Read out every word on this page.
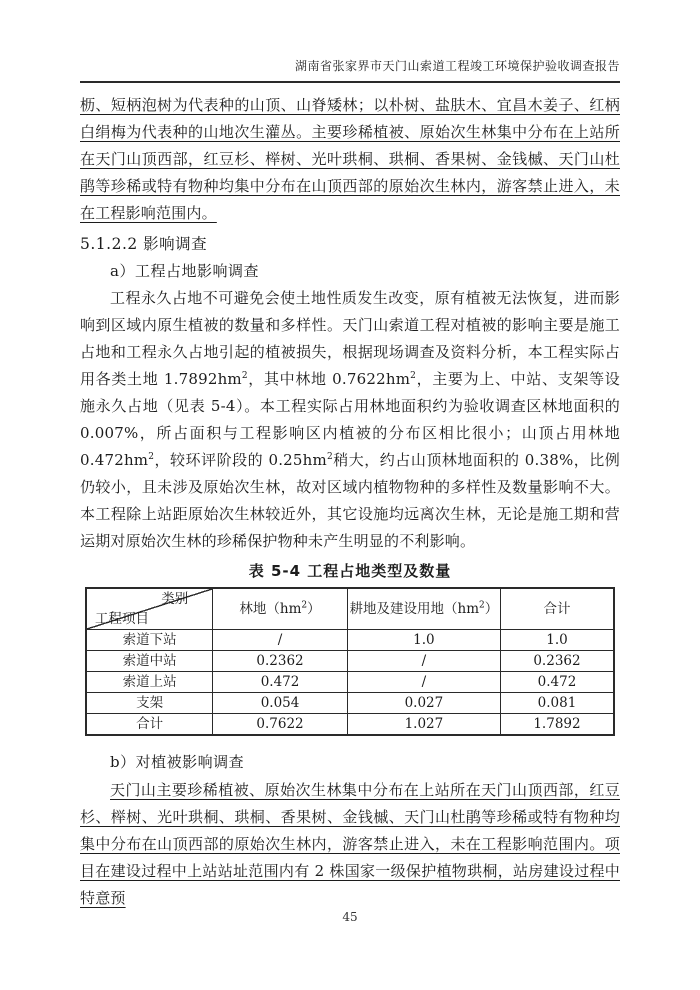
湖南省张家界市天门山索道工程竣工环境保护验收调查报告

枥、短柄泡树为代表种的山顶、山脊矮林；以朴树、盐肤木、宜昌木姜子、红柄白绢梅为代表种的山地次生灌丛。主要珍稀植被、原始次生林集中分布在上站所在天门山顶西部，红豆杉、榉树、光叶珙桐、珙桐、香果树、金钱槭、天门山杜鹃等珍稀或特有物种均集中分布在山顶西部的原始次生林内，游客禁止进入，未在工程影响范围内。

5.1.2.2 影响调查

a）工程占地影响调查

工程永久占地不可避免会使土地性质发生改变，原有植被无法恢复，进而影响到区域内原生植被的数量和多样性。天门山索道工程对植被的影响主要是施工占地和工程永久占地引起的植被损失，根据现场调查及资料分析，本工程实际占用各类土地 $1.7892hm^2$，其中林地 $0.7622hm^2$，主要为上、中站、支架等设施永久占地（见表 5-4）。本工程实际占用林地面积约为验收调查区林地面积的 0.007%，所占面积与工程影响区内植被的分布区相比很小；山顶占用林地 $0.472hm^2$，较环评阶段的 $0.25hm^2$稍大，约占山顶林地面积的 0.38%，比例仍较小，且未涉及原始次生林，故对区域内植物物种的多样性及数量影响不大。本工程除上站距原始次生林较近外，其它设施均远离次生林，无论是施工期和营运期对原始次生林的珍稀保护物种未产生明显的不利影响。

表 5-4 工程占地类型及数量
类别
工程项目	林地$(hm^2)$	耕地及建设用地$(hm^2)$	合计
索道下站	/	1.0	1.0
索道中站	0.2362	/	0.2362
索道上站	0.472	/	0.472
支架	0.054	0.027	0.081
合计	0.7622	1.027	1.7892

b）对植被影响调查

天门山主要珍稀植被、原始次生林集中分布在上站所在天门山顶西部，红豆杉、榉树、光叶珙桐、珙桐、香果树、金钱槭、天门山杜鹃等珍稀或特有物种均集中分布在山顶西部的原始次生林内，游客禁止进入，未在工程影响范围内。项目在建设过程中上站站址范围内有 2 株国家一级保护植物珙桐，站房建设过程中特意预

45
